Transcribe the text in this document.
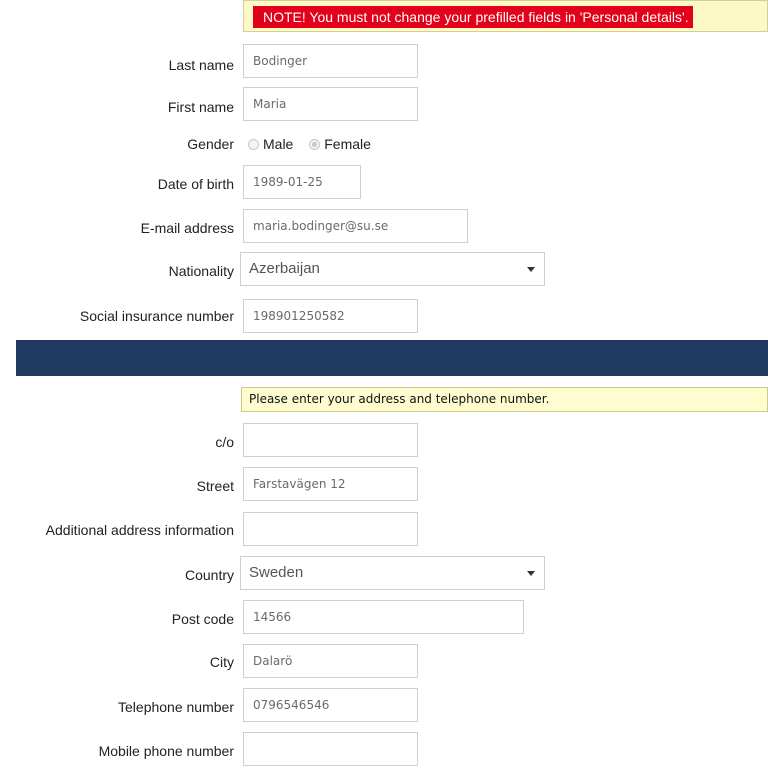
NOTE! You must not change your prefilled fields in 'Personal details'.
Last name	Bodinger
First name	Maria
Gender	Male Female
Date of birth	1989-01-25
E-mail address	maria.bodinger@su.se
Nationality	Azerbaijan
Social insurance number	198901250582
Please enter your address and telephone number.
c/o
Street	Farstavägen 12
Additional address information
Country	Sweden
Post code	14566
City	Dalarö
Telephone number	0796546546
Mobile phone number
